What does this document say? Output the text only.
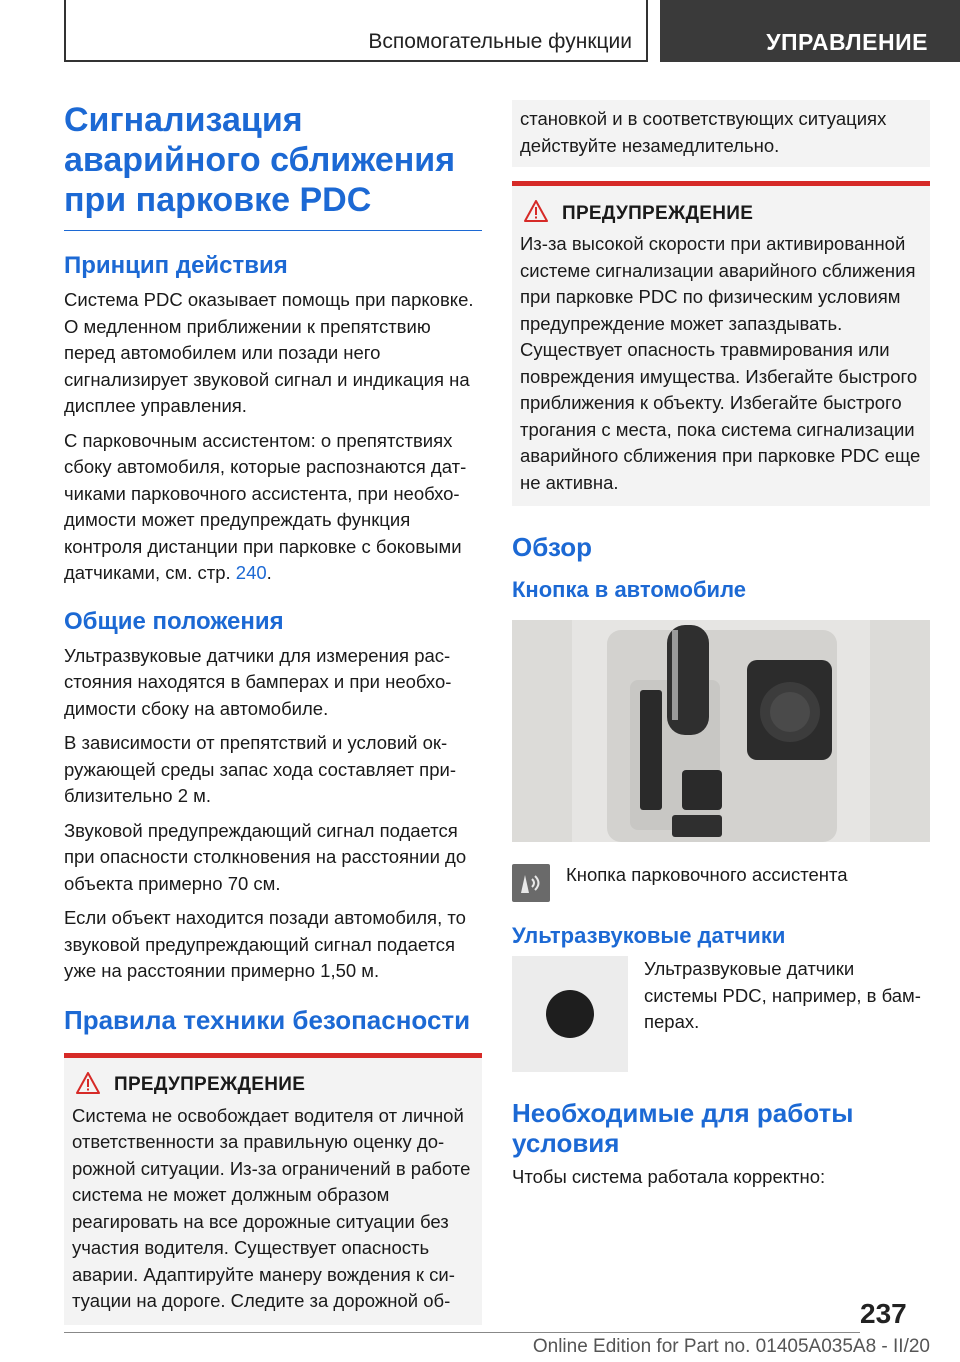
Вспомогательные функции	УПРАВЛЕНИЕ
Сигнализация аварийного сближения при парковке PDC
Принцип действия

Система PDC оказывает помощь при парковке. О медленном приближении к препятствию перед автомобилем или позади него сигнализирует звуковой сигнал и индикация на дисплее управления.

С парковочным ассистентом: о препятствиях сбоку автомобиля, которые распознаются датчиками парковочного ассистента, при необходимости может предупреждать функция контроля дистанции при парковке с боковыми датчиками, см. стр. 240.

Общие положения

Ультразвуковые датчики для измерения расстояния находятся в бамперах и при необходимости сбоку на автомобиле.

В зависимости от препятствий и условий окружающей среды запас хода составляет приблизительно 2 м.

Звуковой предупреждающий сигнал подается при опасности столкновения на расстоянии до объекта примерно 70 см.

Если объект находится позади автомобиля, то звуковой предупреждающий сигнал подается уже на расстоянии примерно 1,50 м.

Правила техники безопасности
ПРЕДУПРЕЖДЕНИЕ

Система не освобождает водителя от личной ответственности за правильную оценку дорожной ситуации. Из-за ограничений в работе система не может должным образом реагировать на все дорожные ситуации без участия водителя. Существует опасность аварии. Адаптируйте манеру вождения к ситуации на дороге. Следите за дорожной об-

становкой и в соответствующих ситуациях действуйте незамедлительно.

ПРЕДУПРЕЖДЕНИЕ

Из-за высокой скорости при активированной системе сигнализации аварийного сближения при парковке PDC по физическим условиям предупреждение может запаздывать. Существует опасность травмирования или повреждения имущества. Избегайте быстрого приближения к объекту. Избегайте быстрого трогания с места, пока система сигнализации аварийного сближения при парковке PDC еще не активна.

Обзор
Кнопка в автомобиле

Кнопка парковочного ассистента

Ультразвуковые датчики

Ультразвуковые датчики системы PDC, например, в бамперах.

Необходимые для работы условия

Чтобы система работала корректно:

237
Online Edition for Part no. 01405A035A8 - II/20
